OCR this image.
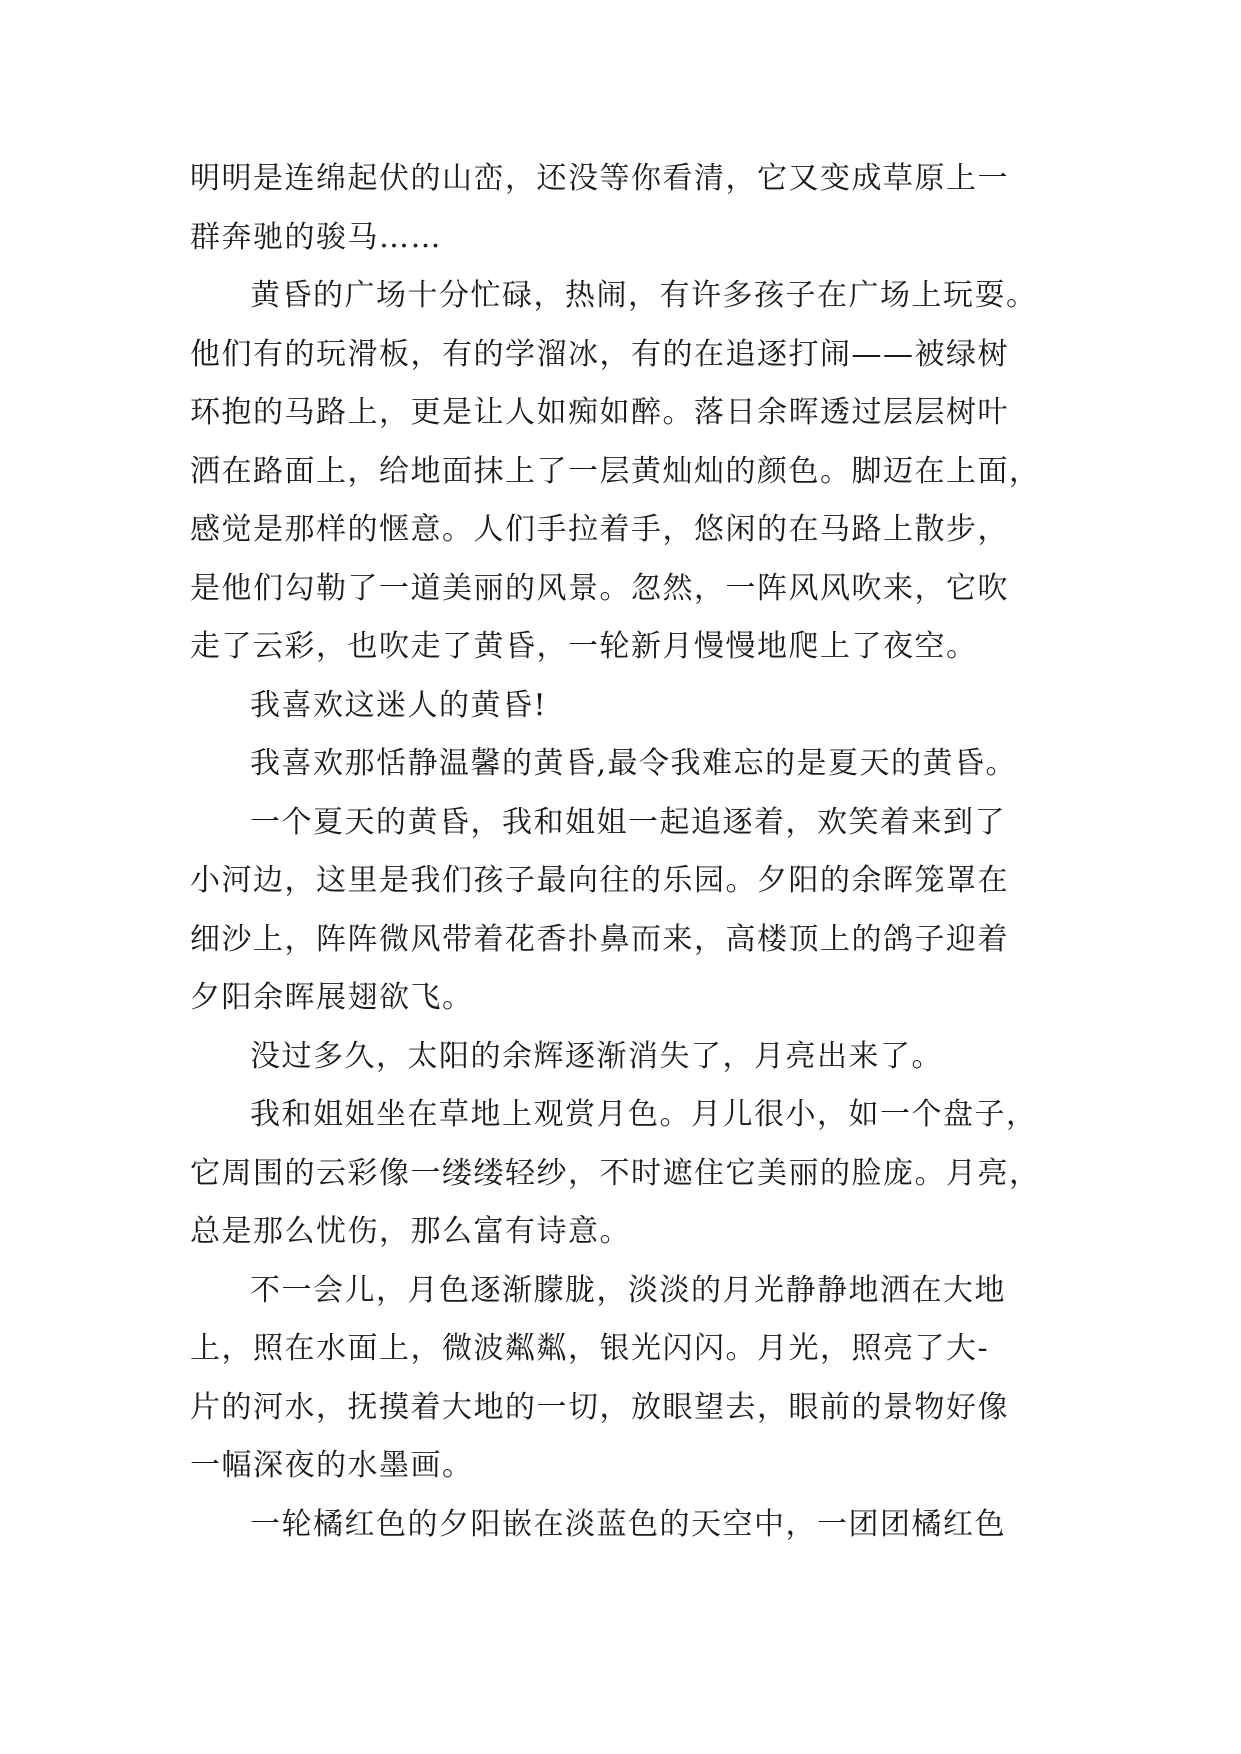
明明是连绵起伏的山峦，还没等你看清，它又变成草原上一
群奔驰的骏马……
黄昏的广场十分忙碌，热闹，有许多孩子在广场上玩耍。
他们有的玩滑板，有的学溜冰，有的在追逐打闹——被绿树
环抱的马路上，更是让人如痴如醉。落日余晖透过层层树叶
洒在路面上，给地面抹上了一层黄灿灿的颜色。脚迈在上面，
感觉是那样的惬意。人们手拉着手，悠闲的在马路上散步，
是他们勾勒了一道美丽的风景。忽然，一阵风风吹来，它吹
走了云彩，也吹走了黄昏，一轮新月慢慢地爬上了夜空。
我喜欢这迷人的黄昏!
我喜欢那恬静温馨的黄昏,最令我难忘的是夏天的黄昏。
一个夏天的黄昏，我和姐姐一起追逐着，欢笑着来到了
小河边，这里是我们孩子最向往的乐园。夕阳的余晖笼罩在
细沙上，阵阵微风带着花香扑鼻而来，高楼顶上的鸽子迎着
夕阳余晖展翅欲飞。
没过多久，太阳的余辉逐渐消失了，月亮出来了。
我和姐姐坐在草地上观赏月色。月儿很小，如一个盘子，
它周围的云彩像一缕缕轻纱，不时遮住它美丽的脸庞。月亮，
总是那么忧伤，那么富有诗意。
不一会儿，月色逐渐朦胧，淡淡的月光静静地洒在大地
上，照在水面上，微波粼粼，银光闪闪。月光，照亮了大-
片的河水，抚摸着大地的一切，放眼望去，眼前的景物好像
一幅深夜的水墨画。
一轮橘红色的夕阳嵌在淡蓝色的天空中，一团团橘红色
